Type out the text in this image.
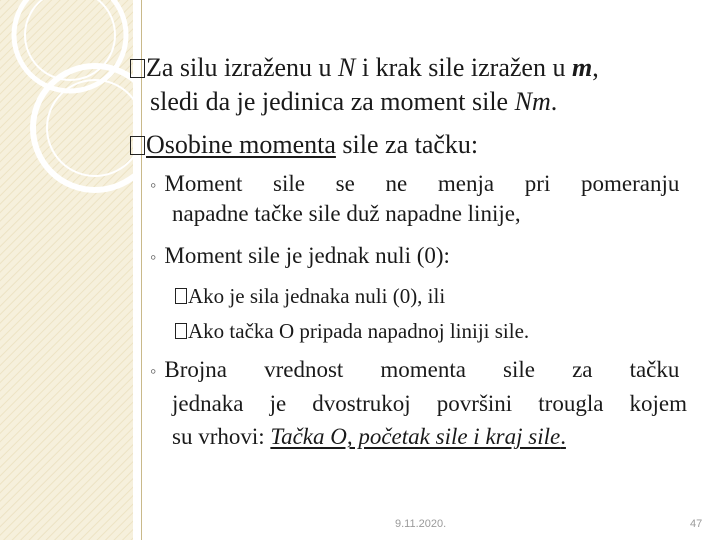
Za silu izraženu u N i krak sile izražen u m,
sledi da je jedinica za moment sile Nm.
Osobine momenta sile za tačku:
◦ Moment sile se ne menja pri pomeranju
napadne tačke sile duž napadne linije,
◦ Moment sile je jednak nuli (0):
Ako je sila jednaka nuli (0), ili
Ako tačka O pripada napadnoj liniji sile.
◦ Brojna vrednost momenta sile za tačku
jednaka je dvostrukoj površini trougla kojem
su vrhovi: Tačka O, početak sile i kraj sile.
9.11.2020.	47
